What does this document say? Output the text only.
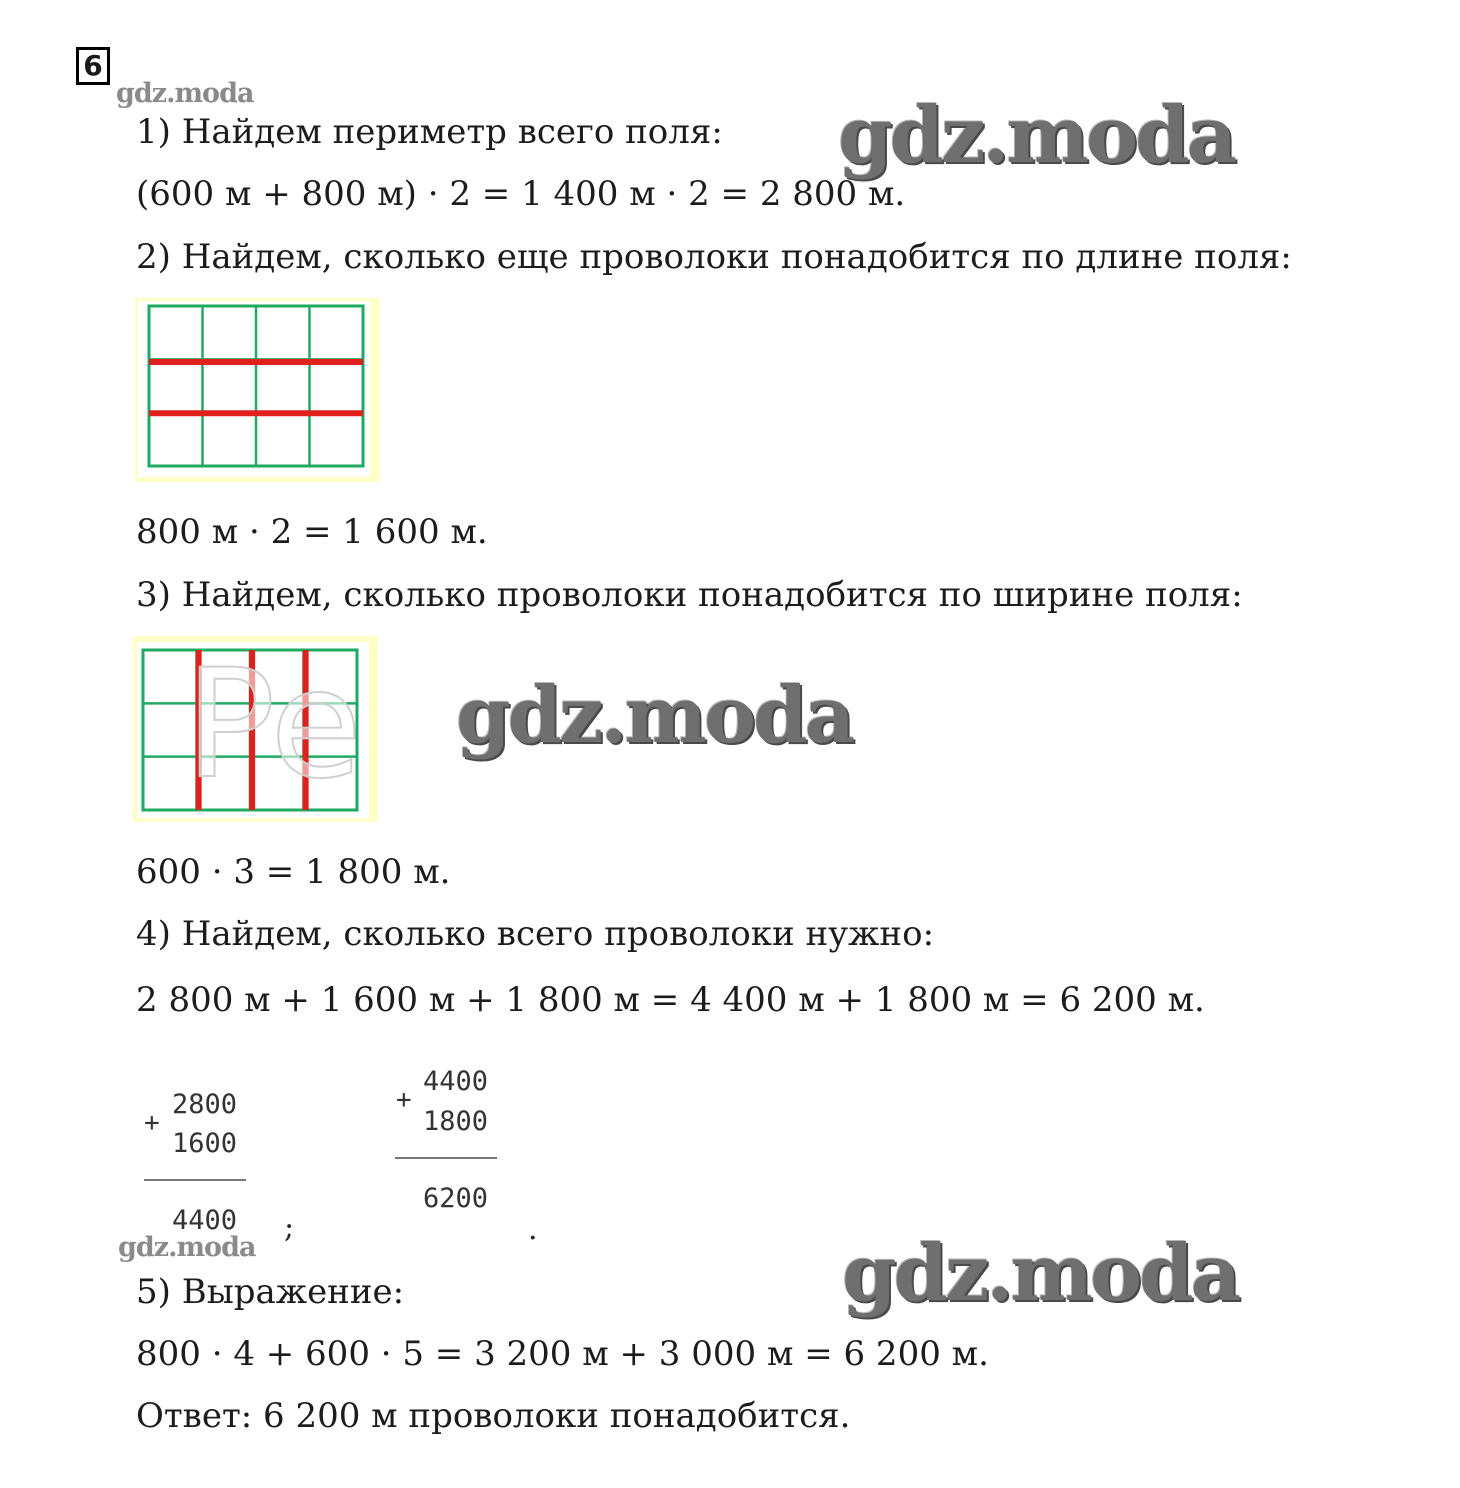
6
gdz.moda
1) Найдем периметр всего поля: gdz.moda
(600 м + 800 м) · 2 = 1 400 м · 2 = 2 800 м.
2) Найдем, сколько еще проволоки понадобится по длине поля:
800 м · 2 = 1 600 м.
3) Найдем, сколько проволоки понадобится по ширине поля:
Pe gdz.moda
600 · 3 = 1 800 м.
4) Найдем, сколько всего проволоки нужно:
2 800 м + 1 600 м + 1 800 м = 4 400 м + 1 800 м = 6 200 м.
+
2800
1600
4400 ;
+
4400
1800
6200
.
gdz.moda	gdz.moda
5) Выражение:
800 · 4 + 600 · 5 = 3 200 м + 3 000 м = 6 200 м.
Ответ: 6 200 м проволоки понадобится.
